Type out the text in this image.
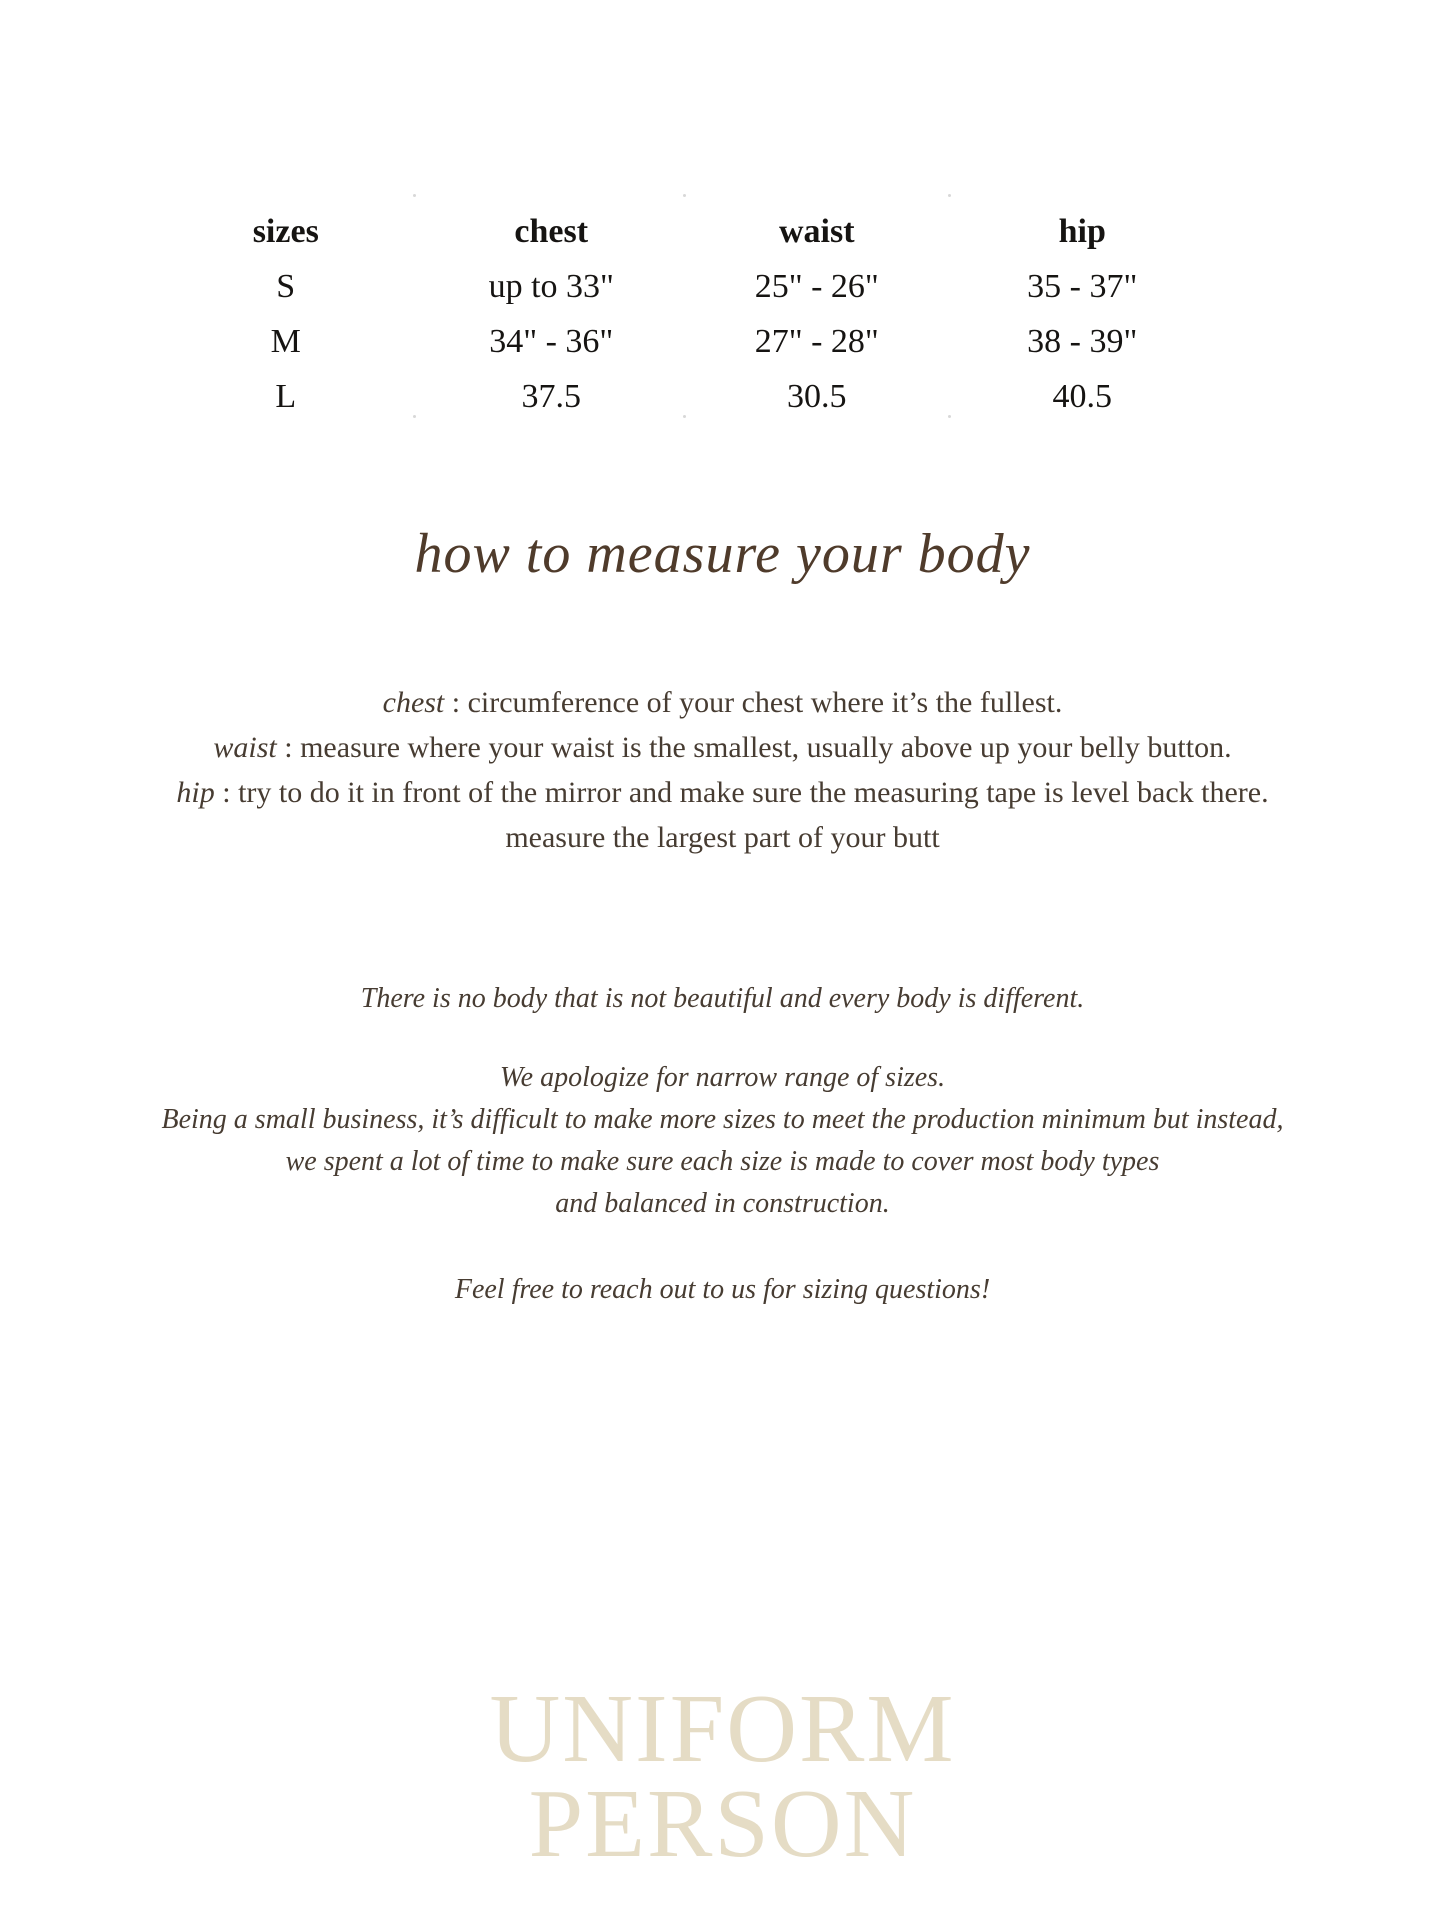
sizes	chest	waist	hip
S	up to 33"	25" - 26"	35 - 37"
M	34" - 36"	27" - 28"	38 - 39"
L	37.5	30.5	40.5
how to measure your body
chest : circumference of your chest where it’s the fullest.
waist : measure where your waist is the smallest, usually above up your belly button.
hip : try to do it in front of the mirror and make sure the measuring tape is level back there.
measure the largest part of your butt
There is no body that is not beautiful and every body is different.
We apologize for narrow range of sizes.
Being a small business, it’s difficult to make more sizes to meet the production minimum but instead,
we spent a lot of time to make sure each size is made to cover most body types
and balanced in construction.
Feel free to reach out to us for sizing questions!
UNIFORM
PERSON
